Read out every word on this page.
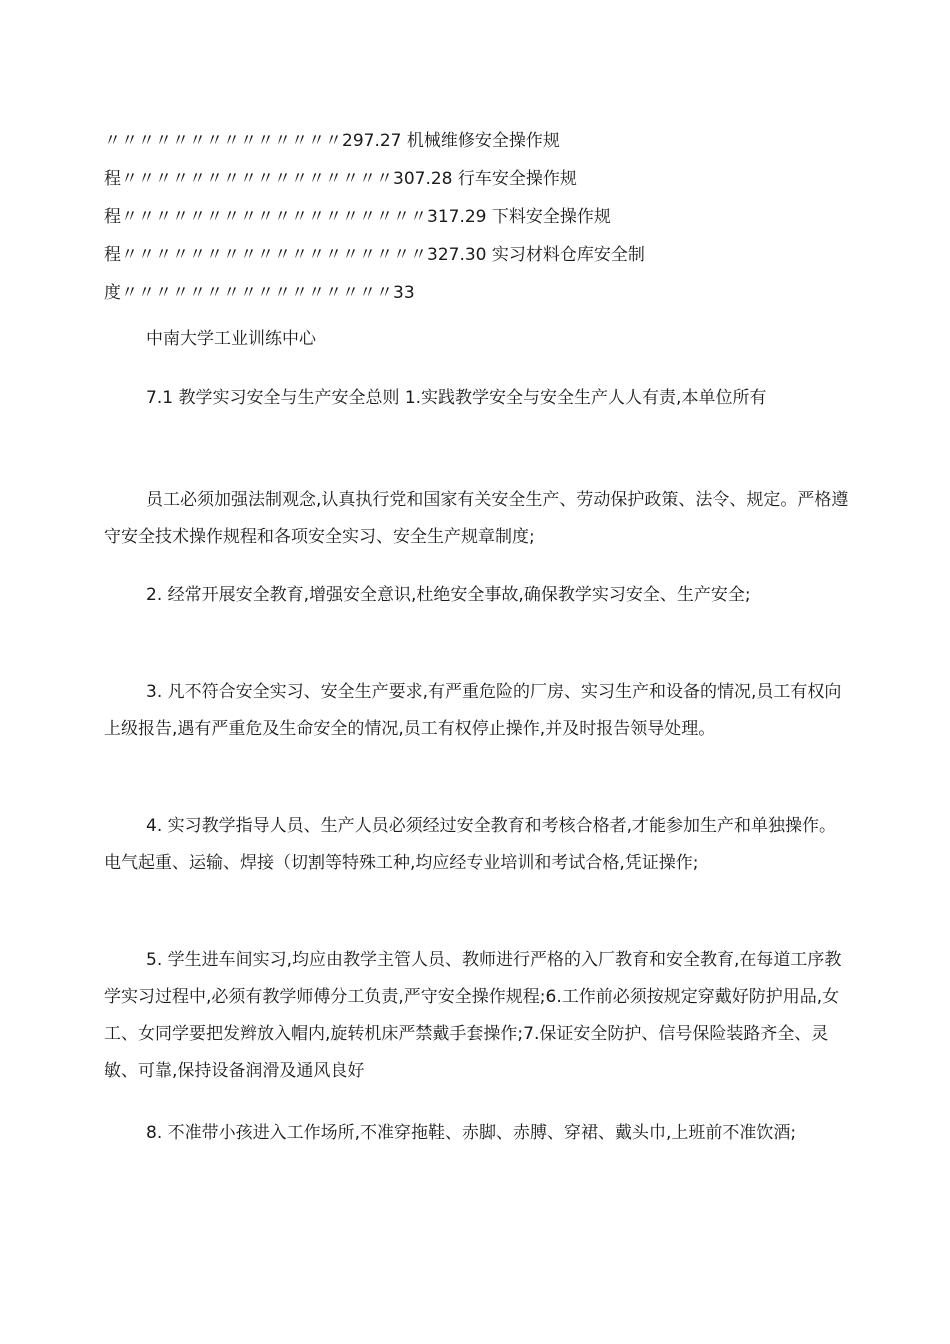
〃〃〃〃〃〃〃〃〃〃〃〃〃〃297.27 机械维修安全操作规
程〃〃〃〃〃〃〃〃〃〃〃〃〃〃〃〃307.28 行车安全操作规
程〃〃〃〃〃〃〃〃〃〃〃〃〃〃〃〃〃〃317.29 下料安全操作规
程〃〃〃〃〃〃〃〃〃〃〃〃〃〃〃〃〃〃327.30 实习材料仓库安全制
度〃〃〃〃〃〃〃〃〃〃〃〃〃〃〃〃33
中南大学工业训练中心
7.1 教学实习安全与生产安全总则 1.实践教学安全与安全生产人人有责,本单位所有
员工必须加强法制观念,认真执行党和国家有关安全生产、劳动保护政策、法令、规定。严格遵守安全技术操作规程和各项安全实习、安全生产规章制度;
2. 经常开展安全教育,增强安全意识,杜绝安全事故,确保教学实习安全、生产安全;
3. 凡不符合安全实习、安全生产要求,有严重危险的厂房、实习生产和设备的情况,员工有权向上级报告,遇有严重危及生命安全的情况,员工有权停止操作,并及时报告领导处理。
4. 实习教学指导人员、生产人员必须经过安全教育和考核合格者,才能参加生产和单独操作。电气起重、运输、焊接（切割等特殊工种,均应经专业培训和考试合格,凭证操作;
5. 学生进车间实习,均应由教学主管人员、教师进行严格的入厂教育和安全教育,在每道工序教学实习过程中,必须有教学师傅分工负责,严守安全操作规程;6.工作前必须按规定穿戴好防护用品,女工、女同学要把发辫放入帽内,旋转机床严禁戴手套操作;7.保证安全防护、信号保险装路齐全、灵敏、可靠,保持设备润滑及通风良好
8. 不准带小孩进入工作场所,不准穿拖鞋、赤脚、赤膊、穿裙、戴头巾,上班前不准饮酒;
